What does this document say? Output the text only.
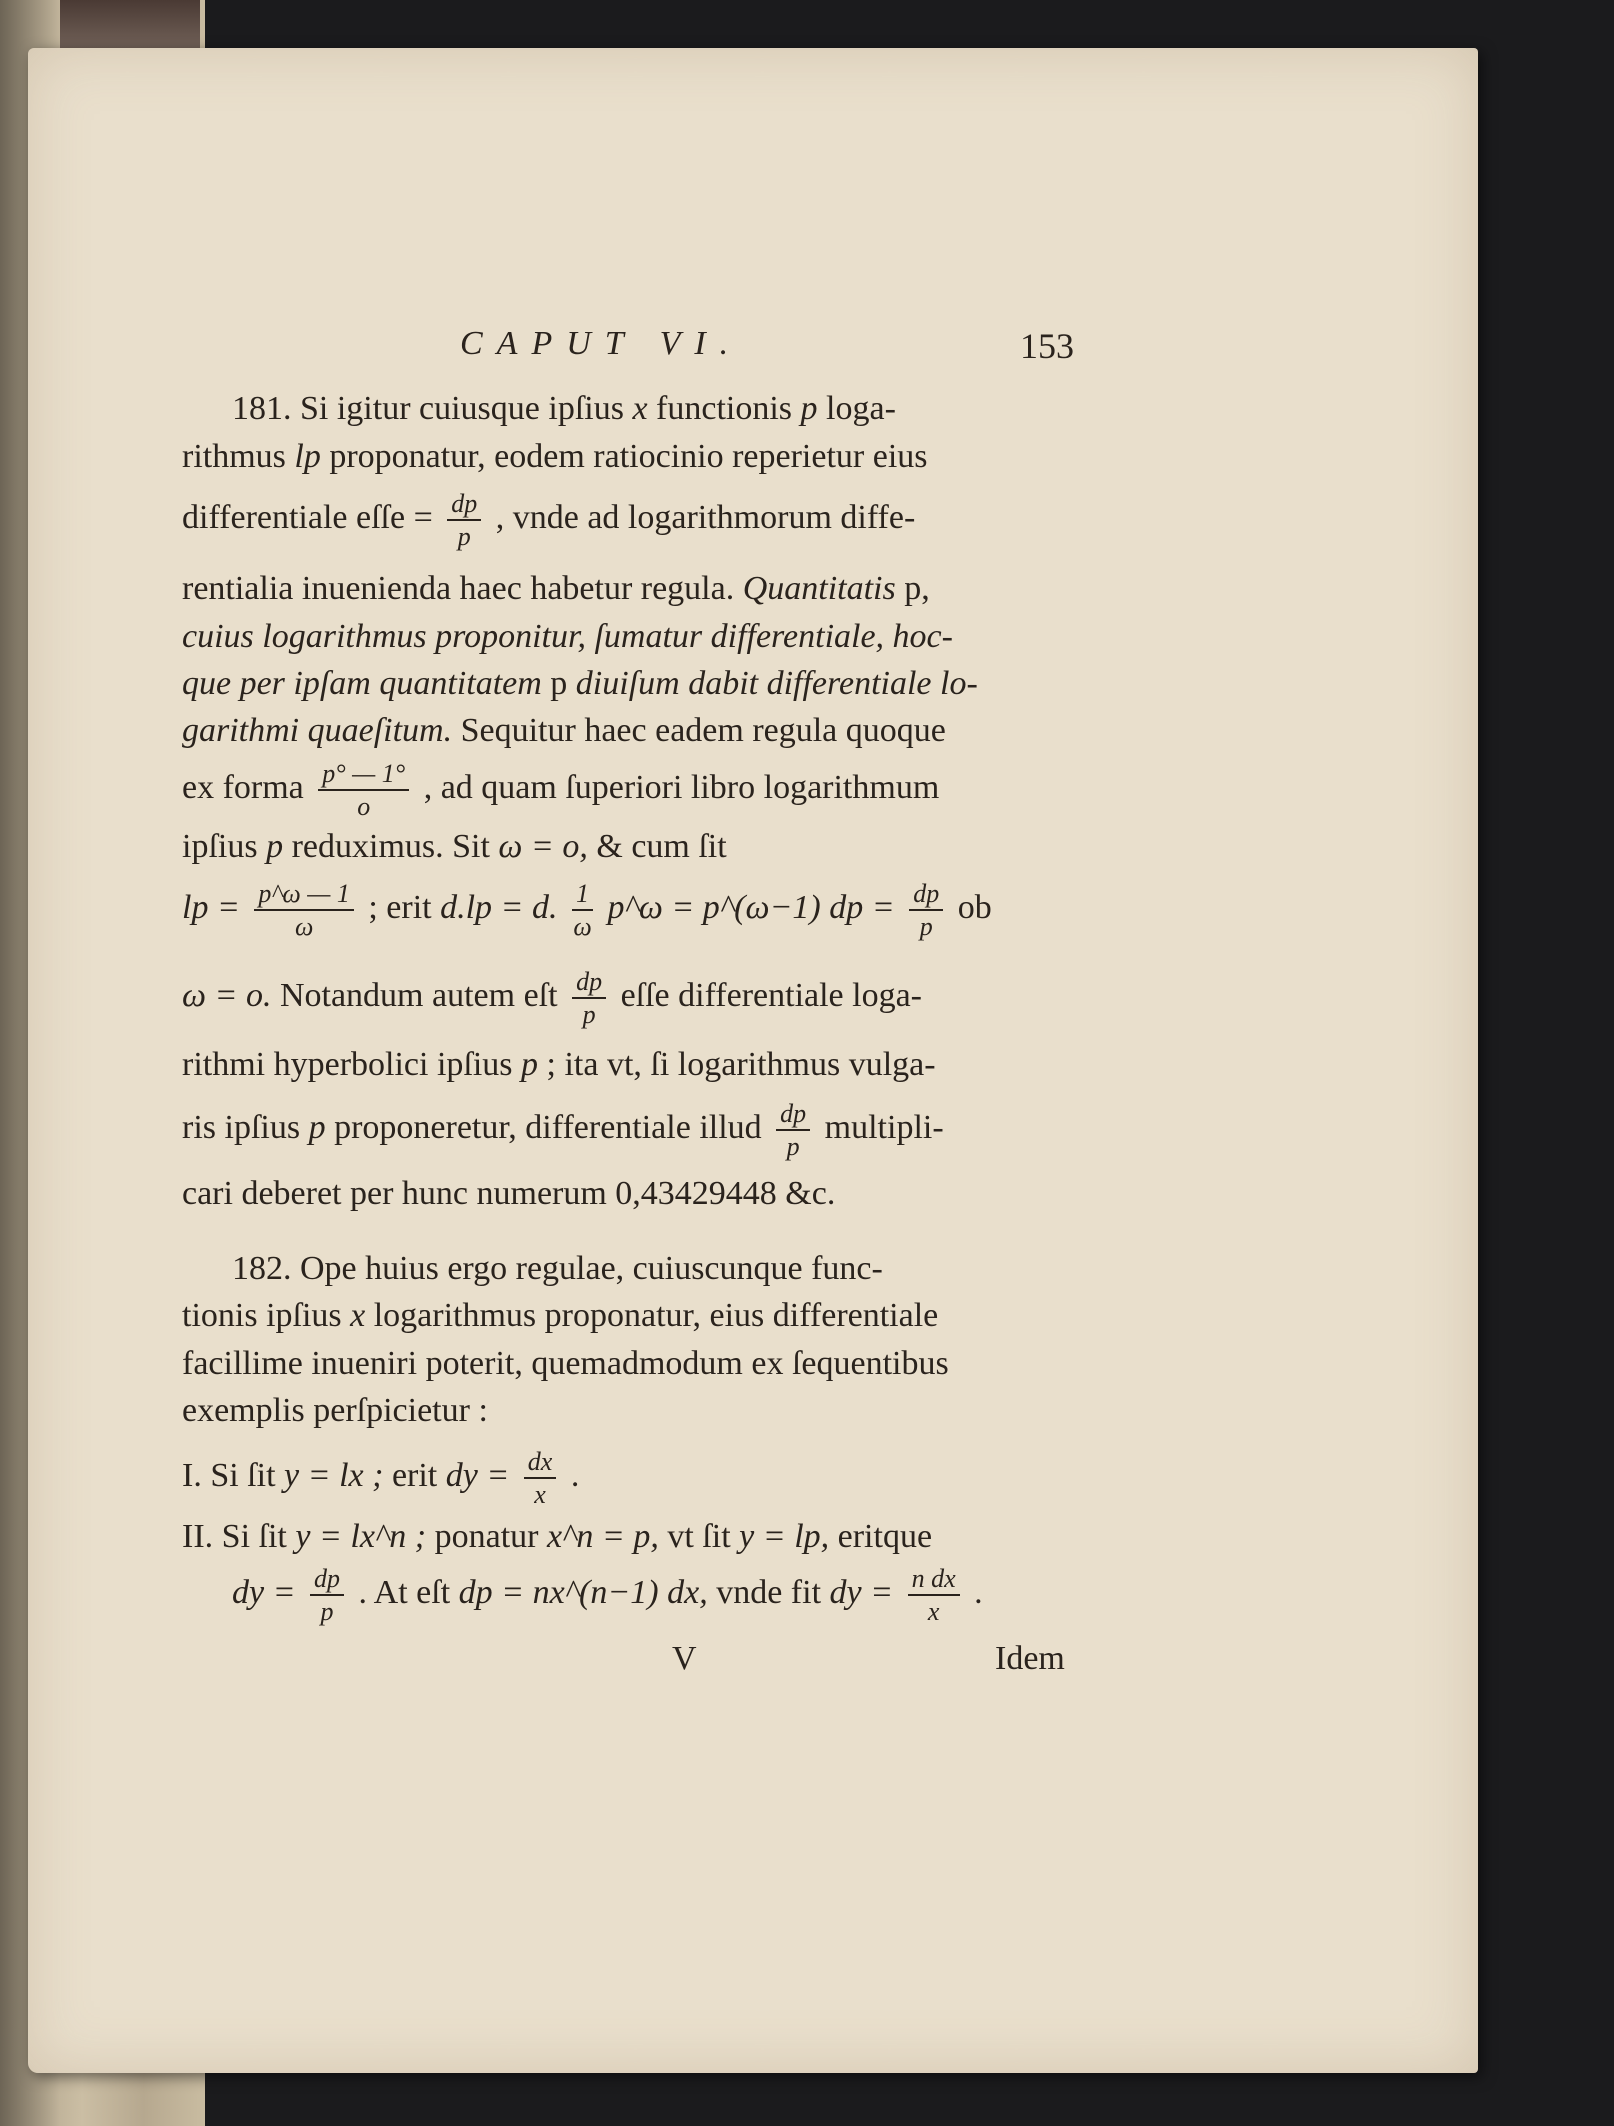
CAPUT VI.	153
181. Si igitur cuiusque ipſius x functionis p loga-
rithmus lp proponatur, eodem ratiocinio reperietur eius
differentiale eſſe = $\frac{dp}{p}$ , vnde ad logarithmorum diffe-
rentialia inuenienda haec habetur regula. Quantitatis p,
cuius logarithmus proponitur, ſumatur differentiale, hoc-
que per ipſam quantitatem p diuiſum dabit differentiale lo-
garithmi quaeſitum. Sequitur haec eadem regula quoque
ex forma $\frac{p^\circ — 1^\circ}{o}$ , ad quam ſuperiori libro logarithmum
ipſius p reduximus. Sit ω = o, & cum ſit
lp = $\frac{p\^{}\omega — 1}{\omega}$ ; erit d.lp = d. $\frac{1}{\omega}$ p^ω = p^(ω−1) dp = $\frac{dp}{p}$ ob
ω = o. Notandum autem eſt $\frac{dp}{p}$ eſſe differentiale loga-
rithmi hyperbolici ipſius p ; ita vt, ſi logarithmus vulga-
ris ipſius p proponeretur, differentiale illud $\frac{dp}{p}$ multipli-
cari deberet per hunc numerum 0,43429448 &c.
182. Ope huius ergo regulae, cuiuscunque func-
tionis ipſius x logarithmus proponatur, eius differentiale
facillime inueniri poterit, quemadmodum ex ſequentibus
exemplis perſpicietur :
I. Si ſit y = lx ; erit dy = $\frac{dx}{x}$ .
II. Si ſit y = lx^n ; ponatur x^n = p, vt ſit y = lp, eritque
dy = $\frac{dp}{p}$ . At eſt dp = nx^(n−1) dx, vnde fit dy = $\frac{\text{n dx}}{x}$ .
V	Idem
